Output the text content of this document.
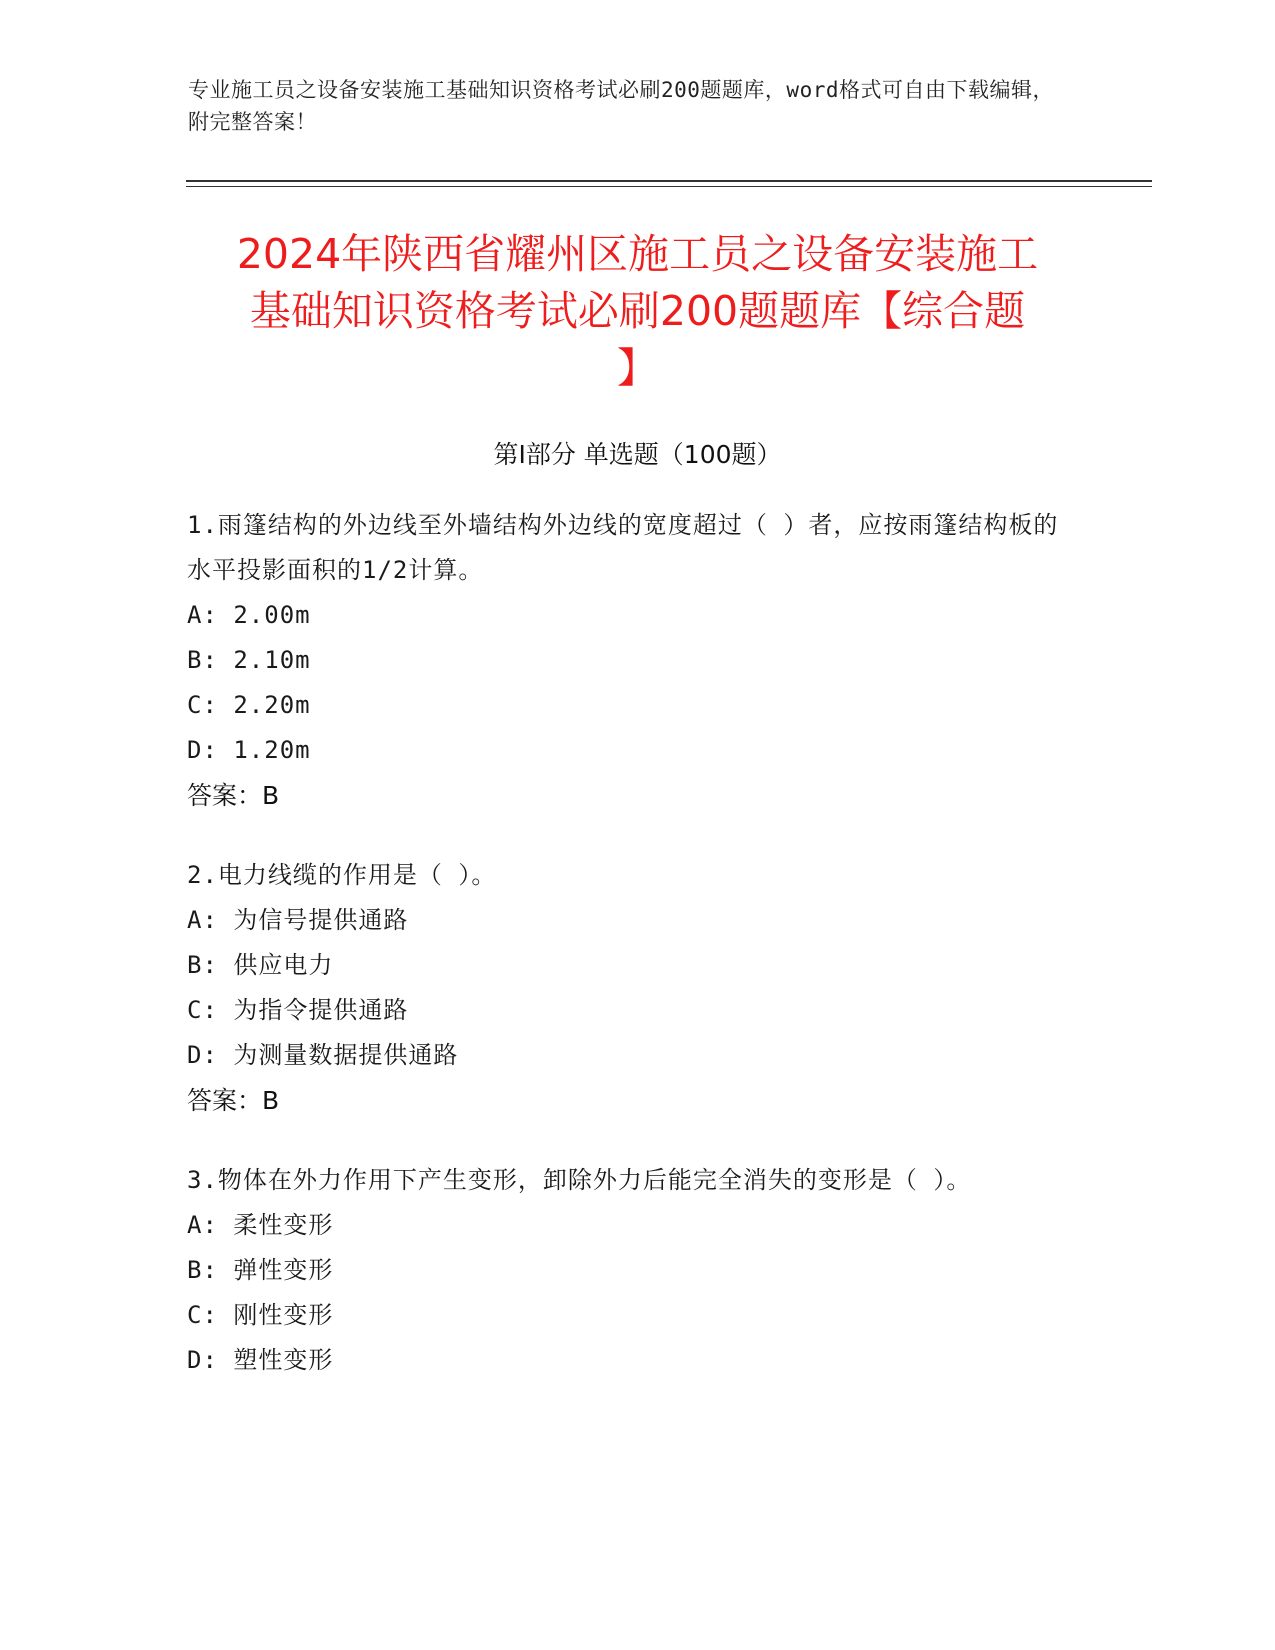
专业施工员之设备安装施工基础知识资格考试必刷200题题库，word格式可自由下载编辑，附完整答案！
2024年陕西省耀州区施工员之设备安装施工
基础知识资格考试必刷200题题库【综合题
】
第I部分 单选题（100题）
1.雨篷结构的外边线至外墙结构外边线的宽度超过（ ）者，应按雨篷结构板的水平投影面积的1/2计算。
A: 2.00m
B: 2.10m
C: 2.20m
D: 1.20m
答案：B
2.电力线缆的作用是（ ）。
A: 为信号提供通路
B: 供应电力
C: 为指令提供通路
D: 为测量数据提供通路
答案：B
3.物体在外力作用下产生变形，卸除外力后能完全消失的变形是（ ）。
A: 柔性变形
B: 弹性变形
C: 刚性变形
D: 塑性变形
